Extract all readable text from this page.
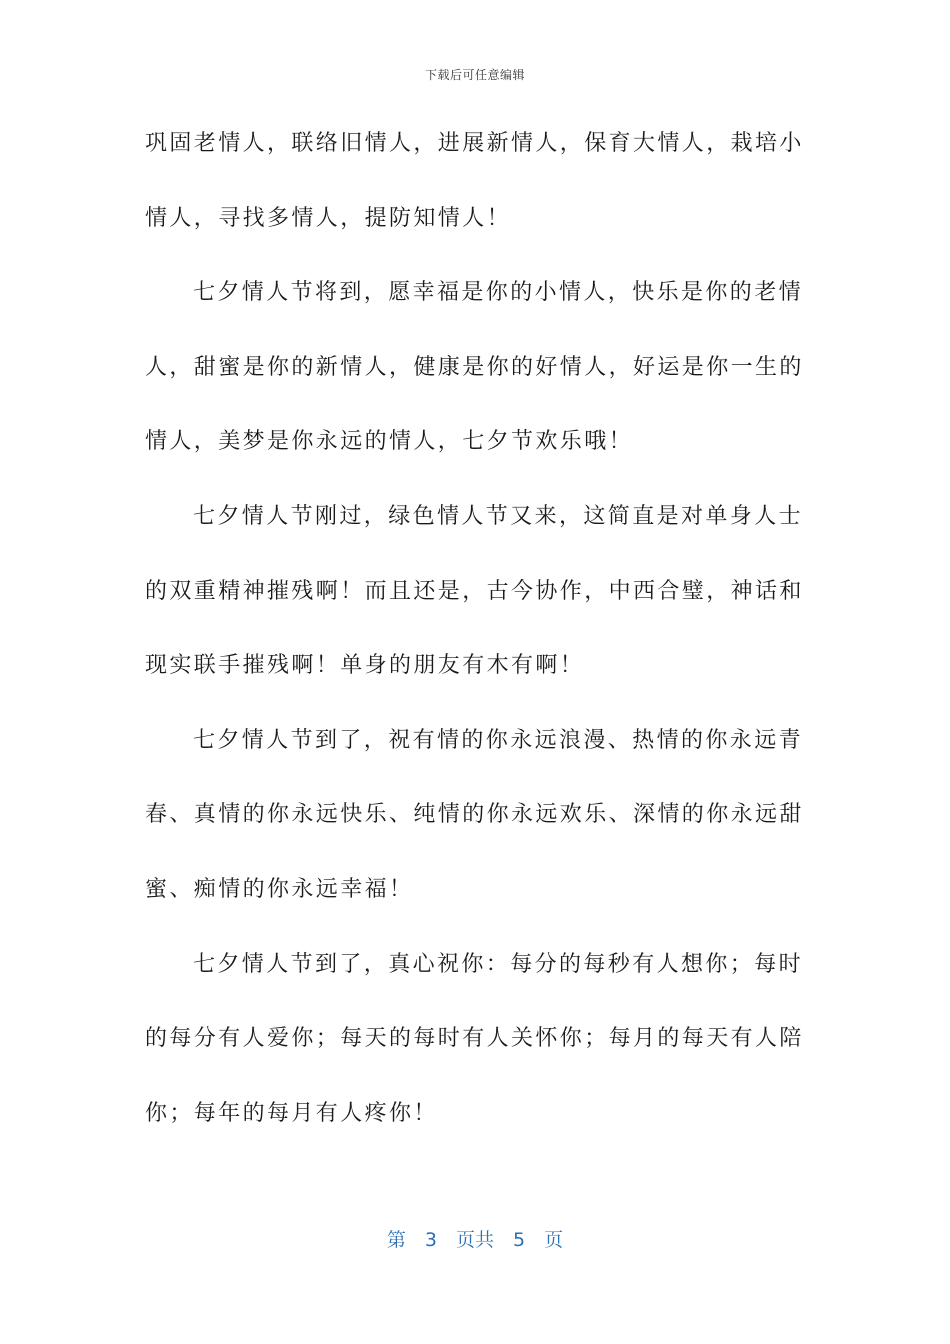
下载后可任意编辑
巩固老情人，联络旧情人，进展新情人，保育大情人，栽培小
情人，寻找多情人，提防知情人！
七夕情人节将到，愿幸福是你的小情人，快乐是你的老情
人，甜蜜是你的新情人，健康是你的好情人，好运是你一生的
情人，美梦是你永远的情人，七夕节欢乐哦！
七夕情人节刚过，绿色情人节又来，这简直是对单身人士
的双重精神摧残啊！而且还是，古今协作，中西合璧，神话和
现实联手摧残啊！单身的朋友有木有啊！
七夕情人节到了，祝有情的你永远浪漫、热情的你永远青
春、真情的你永远快乐、纯情的你永远欢乐、深情的你永远甜
蜜、痴情的你永远幸福！
七夕情人节到了，真心祝你：每分的每秒有人想你；每时
的每分有人爱你；每天的每时有人关怀你；每月的每天有人陪
你；每年的每月有人疼你！
第　3　页共　5　页
